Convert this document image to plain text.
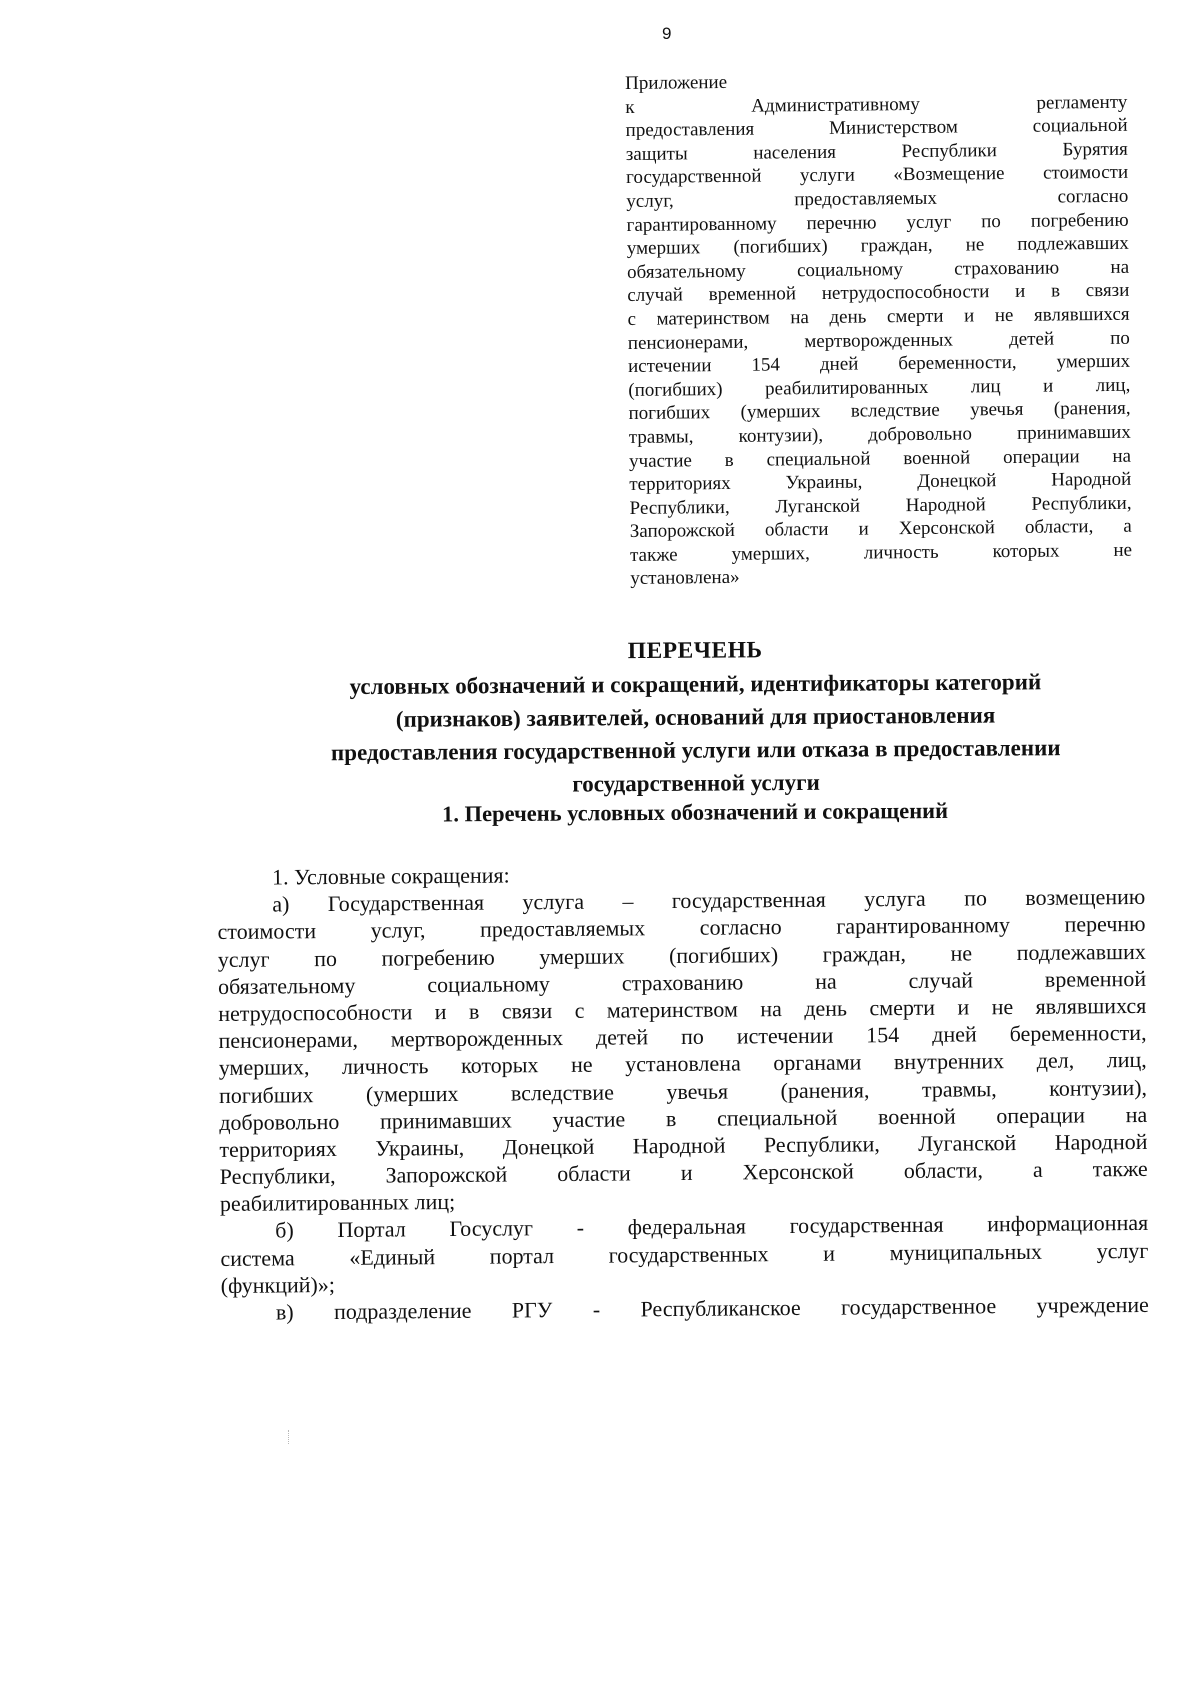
9
Приложение
к Административному регламенту
предоставления Министерством социальной
защиты населения Республики Бурятия
государственной услуги «Возмещение стоимости
услуг, предоставляемых согласно
гарантированному перечню услуг по погребению
умерших (погибших) граждан, не подлежавших
обязательному социальному страхованию на
случай временной нетрудоспособности и в связи
с материнством на день смерти и не являвшихся
пенсионерами, мертворожденных детей по
истечении 154 дней беременности, умерших
(погибших) реабилитированных лиц и лиц,
погибших (умерших вследствие увечья (ранения,
травмы, контузии), добровольно принимавших
участие в специальной военной операции на
территориях Украины, Донецкой Народной
Республики, Луганской Народной Республики,
Запорожской области и Херсонской области, а
также умерших, личность которых не
установлена»
ПЕРЕЧЕНЬ
условных обозначений и сокращений, идентификаторы категорий
(признаков) заявителей, оснований для приостановления
предоставления государственной услуги или отказа в предоставлении
государственной услуги
1. Перечень условных обозначений и сокращений
1. Условные сокращения:
а) Государственная услуга – государственная услуга по возмещению
стоимости услуг, предоставляемых согласно гарантированному перечню
услуг по погребению умерших (погибших) граждан, не подлежавших
обязательному социальному страхованию на случай временной
нетрудоспособности и в связи с материнством на день смерти и не являвшихся
пенсионерами, мертворожденных детей по истечении 154 дней беременности,
умерших, личность которых не установлена органами внутренних дел, лиц,
погибших (умерших вследствие увечья (ранения, травмы, контузии),
добровольно принимавших участие в специальной военной операции на
территориях Украины, Донецкой Народной Республики, Луганской Народной
Республики, Запорожской области и Херсонской области, а также
реабилитированных лиц;
б) Портал Госуслуг - федеральная государственная информационная
система «Единый портал государственных и муниципальных услуг
(функций)»;
в) подразделение РГУ - Республиканское государственное учреждение
